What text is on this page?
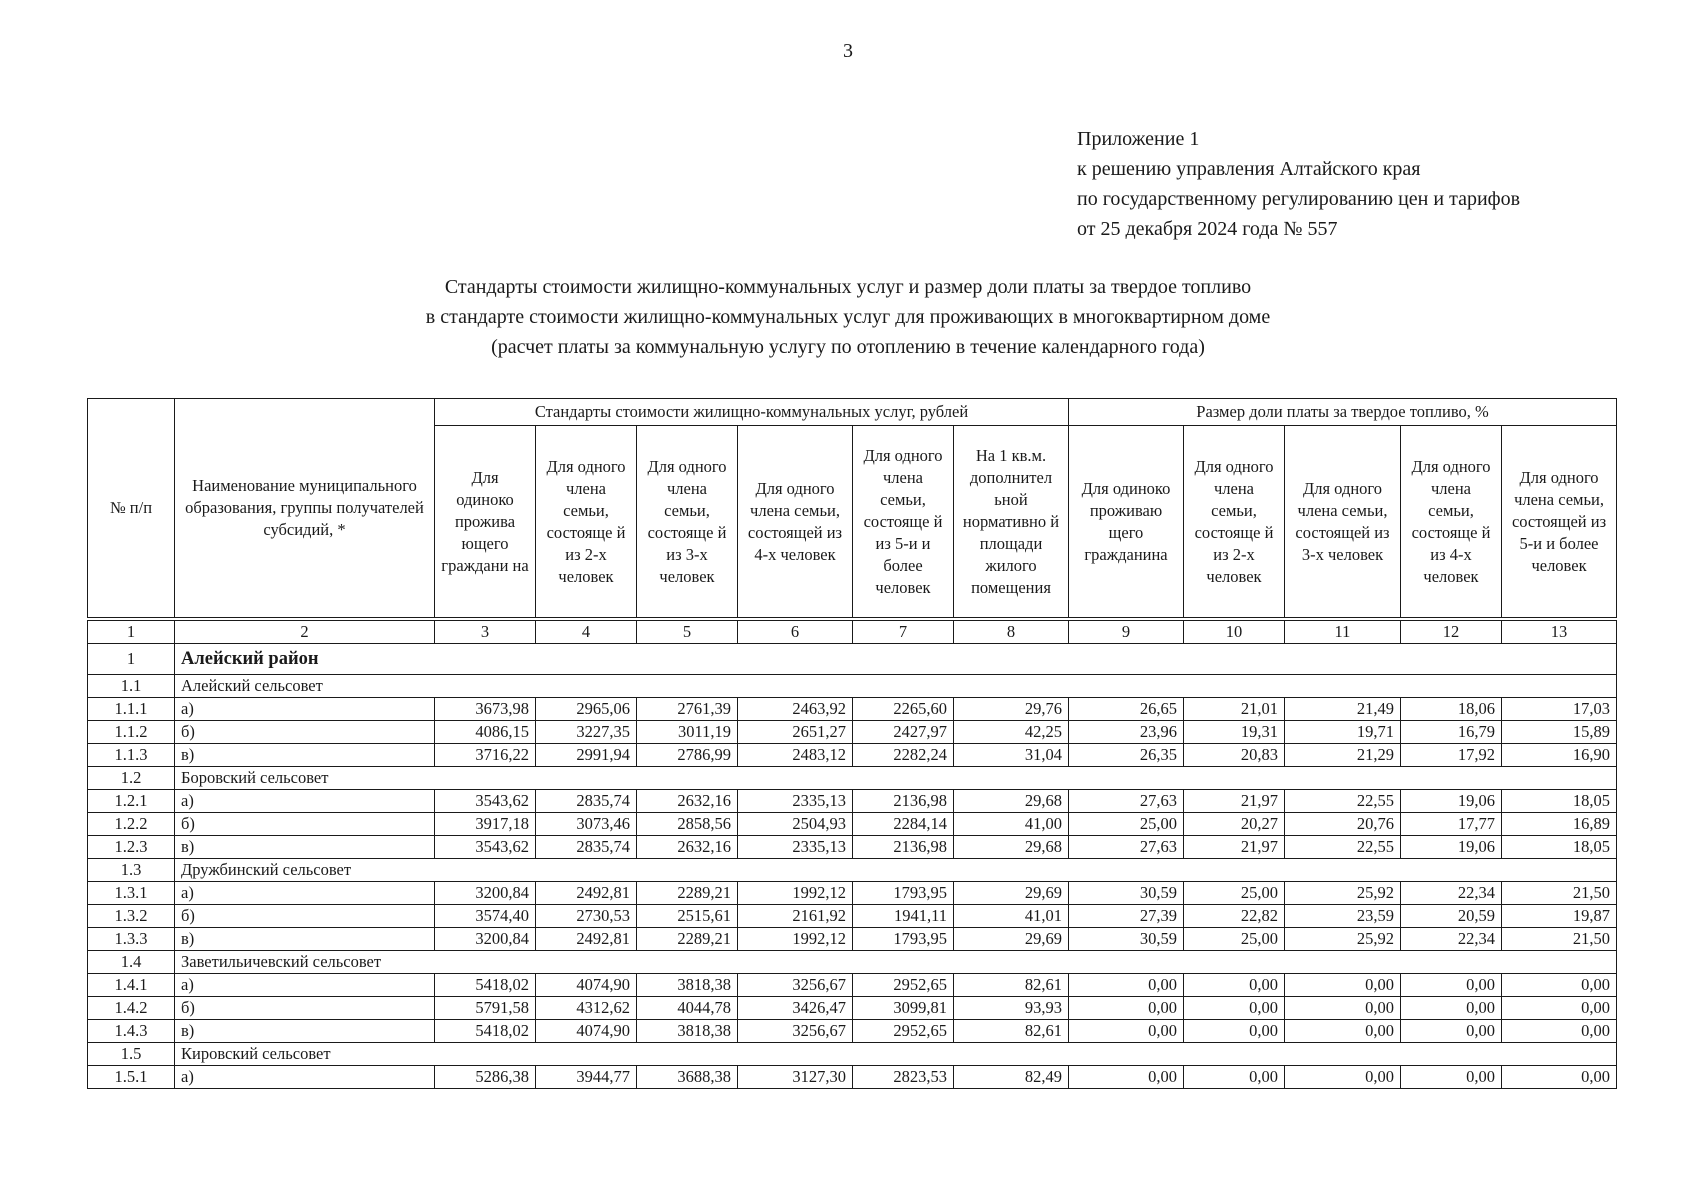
3
Приложение 1
к решению управления Алтайского края
по государственному регулированию цен и тарифов
от 25 декабря 2024 года № 557
Стандарты стоимости жилищно-коммунальных услуг и размер доли платы за твердое топливо
в стандарте стоимости жилищно-коммунальных услуг для проживающих в многоквартирном доме
(расчет платы за коммунальную услугу по отоплению в течение календарного года)
№ п/п	Наименование муниципального образования, группы получателей субсидий, *	Стандарты стоимости жилищно-коммунальных услуг, рублей						Размер доли платы за твердое топливо, %				
		Для одиноко прожива ющего граждани на	Для одного члена семьи, состояще й из 2-х человек	Для одного члена семьи, состояще й из 3-х человек	Для одного члена семьи, состоящей из 4-х человек	Для одного члена семьи, состояще й из 5-и и более человек	На 1 кв.м. дополнител ьной нормативно й площади жилого помещения	Для одиноко проживаю щего гражданина	Для одного члена семьи, состояще й из 2-х человек	Для одного члена семьи, состоящей из 3-х человек	Для одного члена семьи, состояще й из 4-х человек	Для одного члена семьи, состоящей из 5-и и более человек
1	2	3	4	5	6	7	8	9	10	11	12	13
1	Алейский район											
1.1	Алейский сельсовет											
1.1.1	а)	3673,98	2965,06	2761,39	2463,92	2265,60	29,76	26,65	21,01	21,49	18,06	17,03
1.1.2	б)	4086,15	3227,35	3011,19	2651,27	2427,97	42,25	23,96	19,31	19,71	16,79	15,89
1.1.3	в)	3716,22	2991,94	2786,99	2483,12	2282,24	31,04	26,35	20,83	21,29	17,92	16,90
1.2	Боровский сельсовет											
1.2.1	а)	3543,62	2835,74	2632,16	2335,13	2136,98	29,68	27,63	21,97	22,55	19,06	18,05
1.2.2	б)	3917,18	3073,46	2858,56	2504,93	2284,14	41,00	25,00	20,27	20,76	17,77	16,89
1.2.3	в)	3543,62	2835,74	2632,16	2335,13	2136,98	29,68	27,63	21,97	22,55	19,06	18,05
1.3	Дружбинский сельсовет											
1.3.1	а)	3200,84	2492,81	2289,21	1992,12	1793,95	29,69	30,59	25,00	25,92	22,34	21,50
1.3.2	б)	3574,40	2730,53	2515,61	2161,92	1941,11	41,01	27,39	22,82	23,59	20,59	19,87
1.3.3	в)	3200,84	2492,81	2289,21	1992,12	1793,95	29,69	30,59	25,00	25,92	22,34	21,50
1.4	Заветильичевский сельсовет											
1.4.1	а)	5418,02	4074,90	3818,38	3256,67	2952,65	82,61	0,00	0,00	0,00	0,00	0,00
1.4.2	б)	5791,58	4312,62	4044,78	3426,47	3099,81	93,93	0,00	0,00	0,00	0,00	0,00
1.4.3	в)	5418,02	4074,90	3818,38	3256,67	2952,65	82,61	0,00	0,00	0,00	0,00	0,00
1.5	Кировский сельсовет											
1.5.1	а)	5286,38	3944,77	3688,38	3127,30	2823,53	82,49	0,00	0,00	0,00	0,00	0,00
